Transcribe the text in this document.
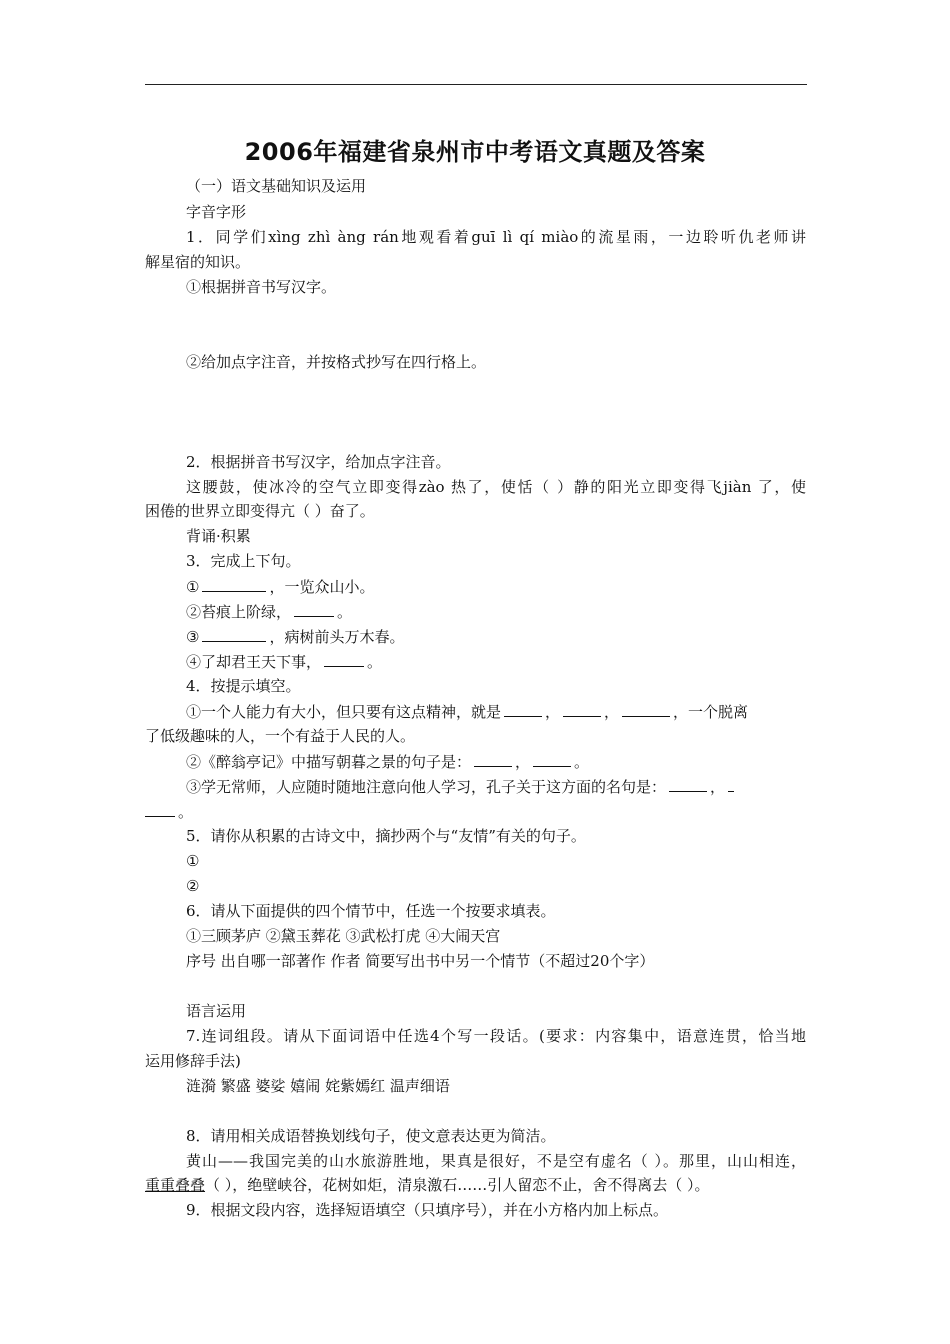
2006年福建省泉州市中考语文真题及答案
（一）语文基础知识及运用
字音字形
1．同学们xìng zhì àng rán地观看着guī lì qí miào的流星雨，一边聆听仇老师讲
解星宿的知识。
①根据拼音书写汉字。
②给加点字注音，并按格式抄写在四行格上。
2．根据拼音书写汉字，给加点字注音。
这腰鼓，使冰冷的空气立即变得zào 热了，使恬（ ）静的阳光立即变得飞jiàn 了，使
困倦的世界立即变得亢（ ）奋了。
背诵·积累
3．完成上下句。
①	，一览众山小。
②苔痕上阶绿，	。
③	，病树前头万木春。
④了却君王天下事，	。
4．按提示填空。
①一个人能力有大小，但只要有这点精神，就是	，	，	，一个脱离
了低级趣味的人，一个有益于人民的人。
②《醉翁亭记》中描写朝暮之景的句子是：	，	。
③学无常师，人应随时随地注意向他人学习，孔子关于这方面的名句是：	，
。
5．请你从积累的古诗文中，摘抄两个与“友情”有关的句子。
①
②
6．请从下面提供的四个情节中，任选一个按要求填表。
①三顾茅庐 ②黛玉葬花 ③武松打虎 ④大闹天宫
序号 出自哪一部著作 作者 简要写出书中另一个情节（不超过20个字）
语言运用
7.连词组段。请从下面词语中任选4个写一段话。(要求：内容集中，语意连贯，恰当地
运用修辞手法)
涟漪 繁盛 婆娑 嬉闹 姹紫嫣红 温声细语
8．请用相关成语替换划线句子，使文意表达更为简洁。
黄山——我国完美的山水旅游胜地，果真是很好，不是空有虚名（ ）。那里，山山相连，
重重叠叠（ ），绝壁峡谷，花树如炬，清泉激石……引人留恋不止，舍不得离去（ ）。
9．根据文段内容，选择短语填空（只填序号），并在小方格内加上标点。
